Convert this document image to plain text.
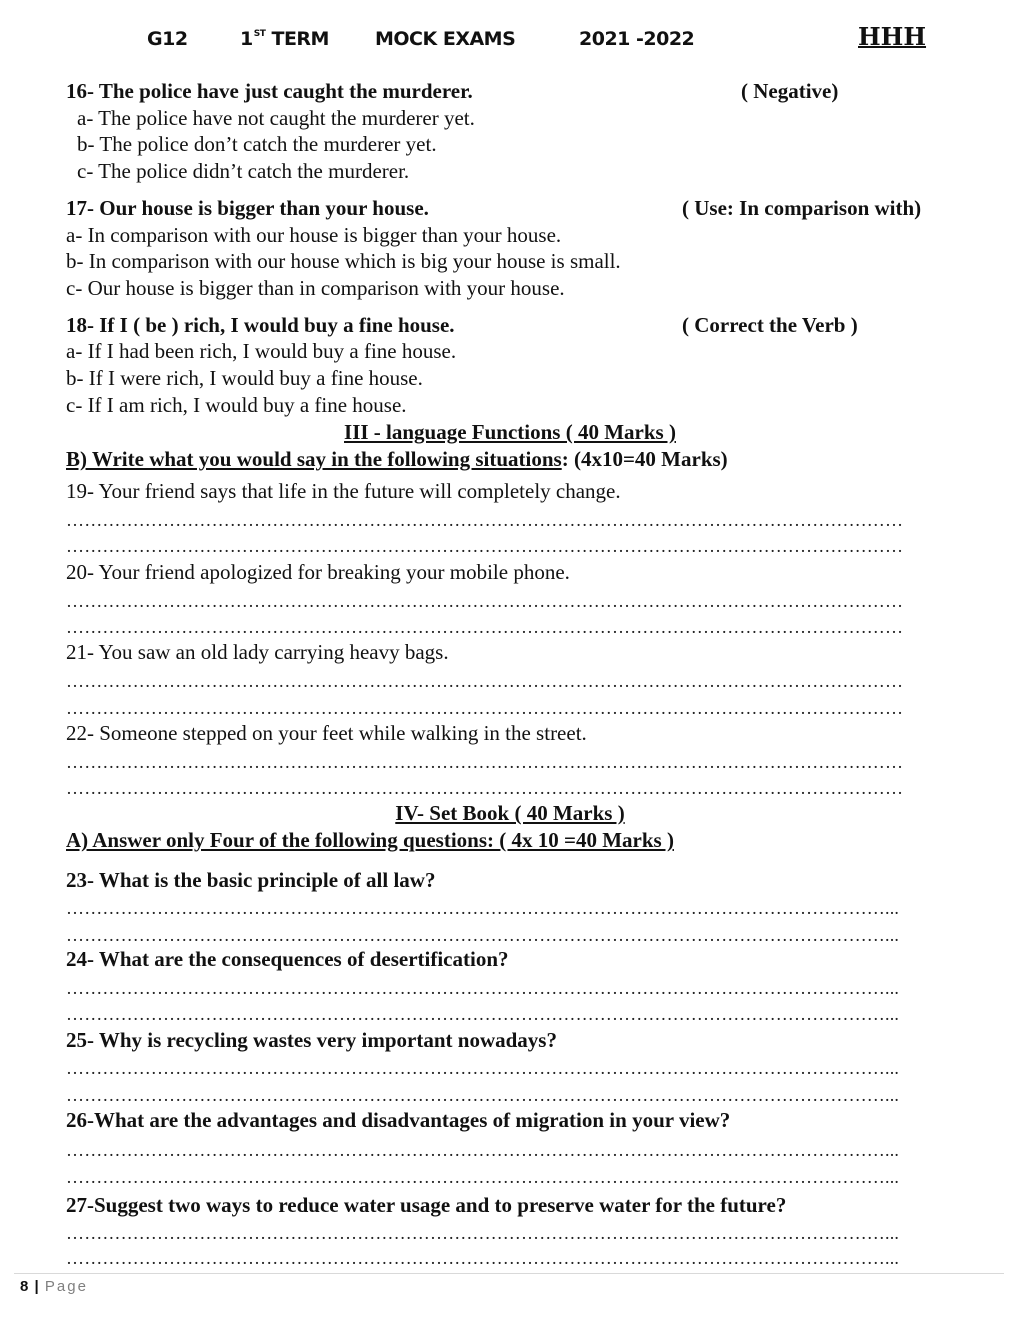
G12	1ST TERM MOCK EXAMS	2021 -2022	HHH
16- The police have just caught the murderer.	( Negative)
a- The police have not caught the murderer yet.
b- The police don’t catch the murderer yet.
c- The police didn’t catch the murderer.
17- Our house is bigger than your house.	( Use: In comparison with)
a- In comparison with our house is bigger than your house.
b- In comparison with our house which is big your house is small.
c- Our house is bigger than in comparison with your house.
18- If I ( be ) rich, I would buy a fine house.	( Correct the Verb )
a- If I had been rich, I would buy a fine house.
b- If I were rich, I would buy a fine house.
c- If I am rich, I would buy a fine house.
III - language Functions ( 40 Marks )
B) Write what you would say in the following situations: (4x10=40 Marks)
19- Your friend says that life in the future will completely change.
…………………………………………………………………………………………………………………………
…………………………………………………………………………………………………………………………
20- Your friend apologized for breaking your mobile phone.
…………………………………………………………………………………………………………………………
…………………………………………………………………………………………………………………………
21- You saw an old lady carrying heavy bags.
…………………………………………………………………………………………………………………………
…………………………………………………………………………………………………………………………
22- Someone stepped on your feet while walking in the street.
…………………………………………………………………………………………………………………………
…………………………………………………………………………………………………………………………
IV- Set Book ( 40 Marks )
A) Answer only Four of the following questions: ( 4x 10 =40 Marks )
23- What is the basic principle of all law?
………………………………………………………………………………………………………………………...
………………………………………………………………………………………………………………………...
24- What are the consequences of desertification?
………………………………………………………………………………………………………………………...
………………………………………………………………………………………………………………………...
25- Why is recycling wastes very important nowadays?
………………………………………………………………………………………………………………………...
………………………………………………………………………………………………………………………...
26-What are the advantages and disadvantages of migration in your view?
………………………………………………………………………………………………………………………...
………………………………………………………………………………………………………………………...
27-Suggest two ways to reduce water usage and to preserve water for the future?
………………………………………………………………………………………………………………………...
………………………………………………………………………………………………………………………...
8 | Page
